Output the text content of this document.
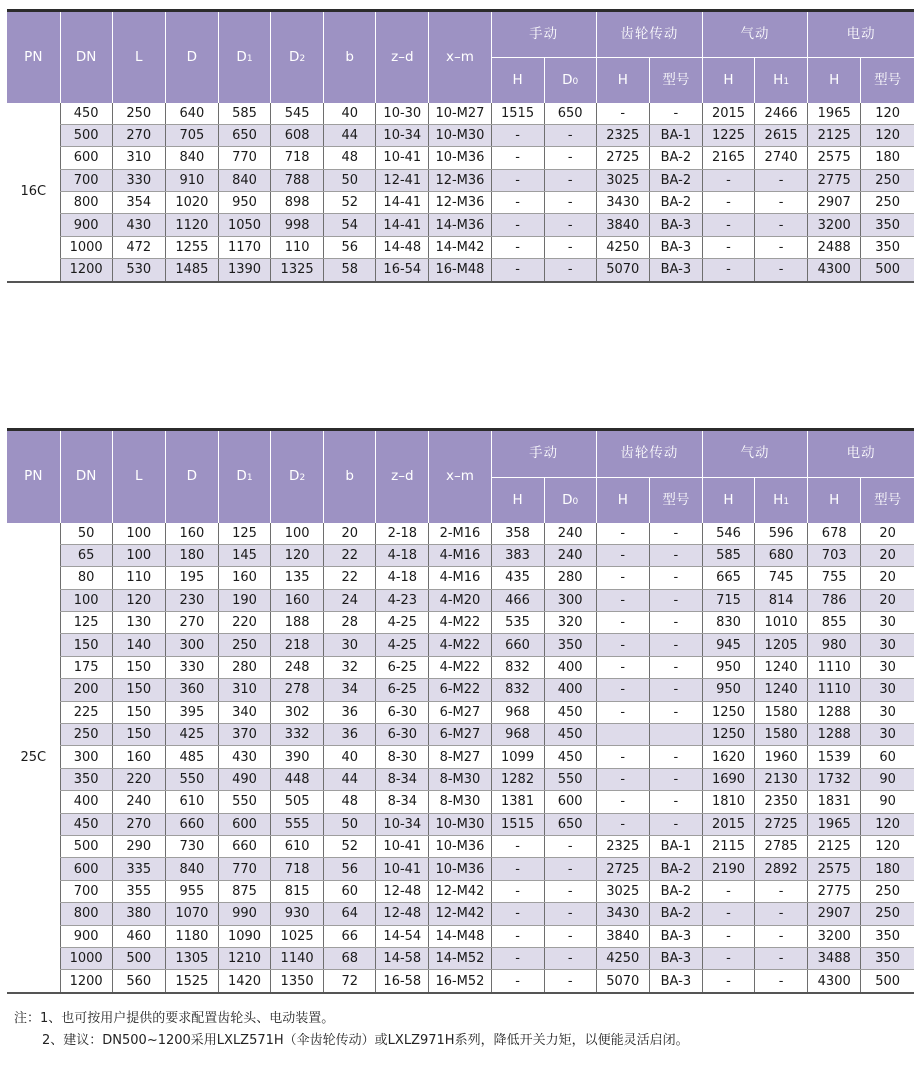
PN	DN	L	D	D1	D2	b	z–d	x–m	手动		齿轮传动		气动		电动	
									H	D0	H	型号	H	H1	H	型号
16C	450	250	640	585	545	40	10-30	10-M27	1515	650	-	-	2015	2466	1965	120
	500	270	705	650	608	44	10-34	10-M30	-	-	2325	BA-1	1225	2615	2125	120
	600	310	840	770	718	48	10-41	10-M36	-	-	2725	BA-2	2165	2740	2575	180
	700	330	910	840	788	50	12-41	12-M36	-	-	3025	BA-2	-	-	2775	250
	800	354	1020	950	898	52	14-41	12-M36	-	-	3430	BA-2	-	-	2907	250
	900	430	1120	1050	998	54	14-41	14-M36	-	-	3840	BA-3	-	-	3200	350
	1000	472	1255	1170	110	56	14-48	14-M42	-	-	4250	BA-3	-	-	2488	350
	1200	530	1485	1390	1325	58	16-54	16-M48	-	-	5070	BA-3	-	-	4300	500
PN	DN	L	D	D1	D2	b	z–d	x–m	手动		齿轮传动		气动		电动	
									H	D0	H	型号	H	H1	H	型号
25C	50	100	160	125	100	20	2-18	2-M16	358	240	-	-	546	596	678	20
	65	100	180	145	120	22	4-18	4-M16	383	240	-	-	585	680	703	20
	80	110	195	160	135	22	4-18	4-M16	435	280	-	-	665	745	755	20
	100	120	230	190	160	24	4-23	4-M20	466	300	-	-	715	814	786	20
	125	130	270	220	188	28	4-25	4-M22	535	320	-	-	830	1010	855	30
	150	140	300	250	218	30	4-25	4-M22	660	350	-	-	945	1205	980	30
	175	150	330	280	248	32	6-25	4-M22	832	400	-	-	950	1240	1110	30
	200	150	360	310	278	34	6-25	6-M22	832	400	-	-	950	1240	1110	30
	225	150	395	340	302	36	6-30	6-M27	968	450	-	-	1250	1580	1288	30
	250	150	425	370	332	36	6-30	6-M27	968	450			1250	1580	1288	30
	300	160	485	430	390	40	8-30	8-M27	1099	450	-	-	1620	1960	1539	60
	350	220	550	490	448	44	8-34	8-M30	1282	550	-	-	1690	2130	1732	90
	400	240	610	550	505	48	8-34	8-M30	1381	600	-	-	1810	2350	1831	90
	450	270	660	600	555	50	10-34	10-M30	1515	650	-	-	2015	2725	1965	120
	500	290	730	660	610	52	10-41	10-M36	-	-	2325	BA-1	2115	2785	2125	120
	600	335	840	770	718	56	10-41	10-M36	-	-	2725	BA-2	2190	2892	2575	180
	700	355	955	875	815	60	12-48	12-M42	-	-	3025	BA-2	-	-	2775	250
	800	380	1070	990	930	64	12-48	12-M42	-	-	3430	BA-2	-	-	2907	250
	900	460	1180	1090	1025	66	14-54	14-M48	-	-	3840	BA-3	-	-	3200	350
	1000	500	1305	1210	1140	68	14-58	14-M52	-	-	4250	BA-3	-	-	3488	350
	1200	560	1525	1420	1350	72	16-58	16-M52	-	-	5070	BA-3	-	-	4300	500
注：1、也可按用户提供的要求配置齿轮头、电动装置。
2、建议：DN500~1200采用LXLZ571H（伞齿轮传动）或LXLZ971H系列，降低开关力矩，以便能灵活启闭。
